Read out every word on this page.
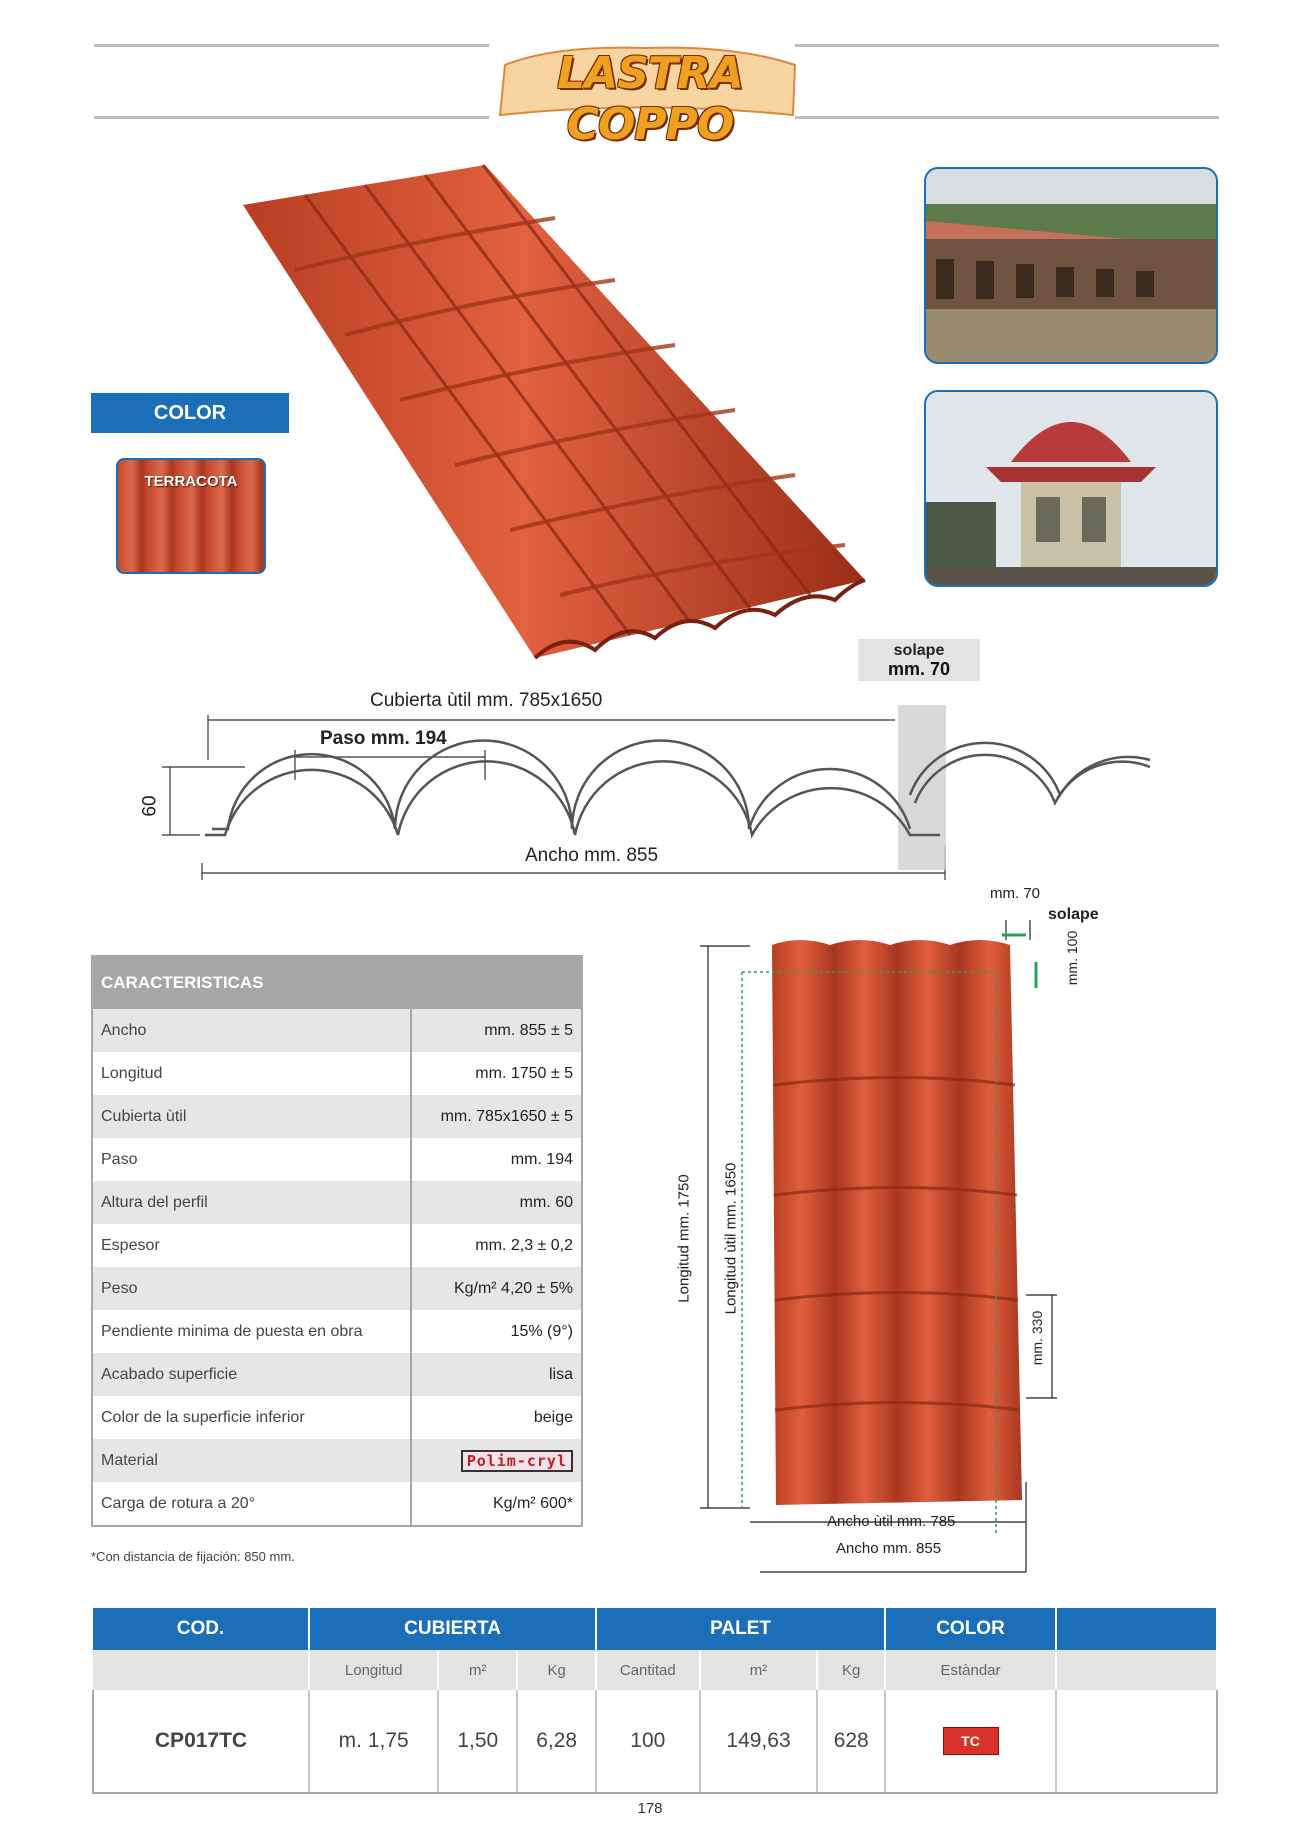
LASTRA COPPO
COLOR
TERRACOTA
solape
mm. 70
Cubierta ùtil mm. 785x1650
Paso mm. 194
60
Ancho mm. 855
CARACTERISTICAS	
Ancho	mm. 855 ± 5
Longitud	mm. 1750 ± 5
Cubierta ùtil	mm. 785x1650 ± 5
Paso	mm. 194
Altura del perfil	mm. 60
Espesor	mm. 2,3 ± 0,2
Peso	Kg/m² 4,20 ± 5%
Pendiente minima de puesta en obra	15% (9°)
Acabado superficie	lisa
Color de la superficie inferior	beige
Material	Polim-cryl
Carga de rotura a 20°	Kg/m² 600*
*Con distancia de fijación: 850 mm.
mm. 70
solape
mm. 100
Longitud mm. 1750 Longitud ùtil mm. 1650
mm. 330
Ancho ùtil mm. 785
Ancho mm. 855
COD.	CUBIERTA			PALET			COLOR	
	Longitud	m²	Kg	Cantitad	m²	Kg	Estàndar	
CP017TC	m. 1,75	1,50	6,28	100	149,63	628	TC	
178
